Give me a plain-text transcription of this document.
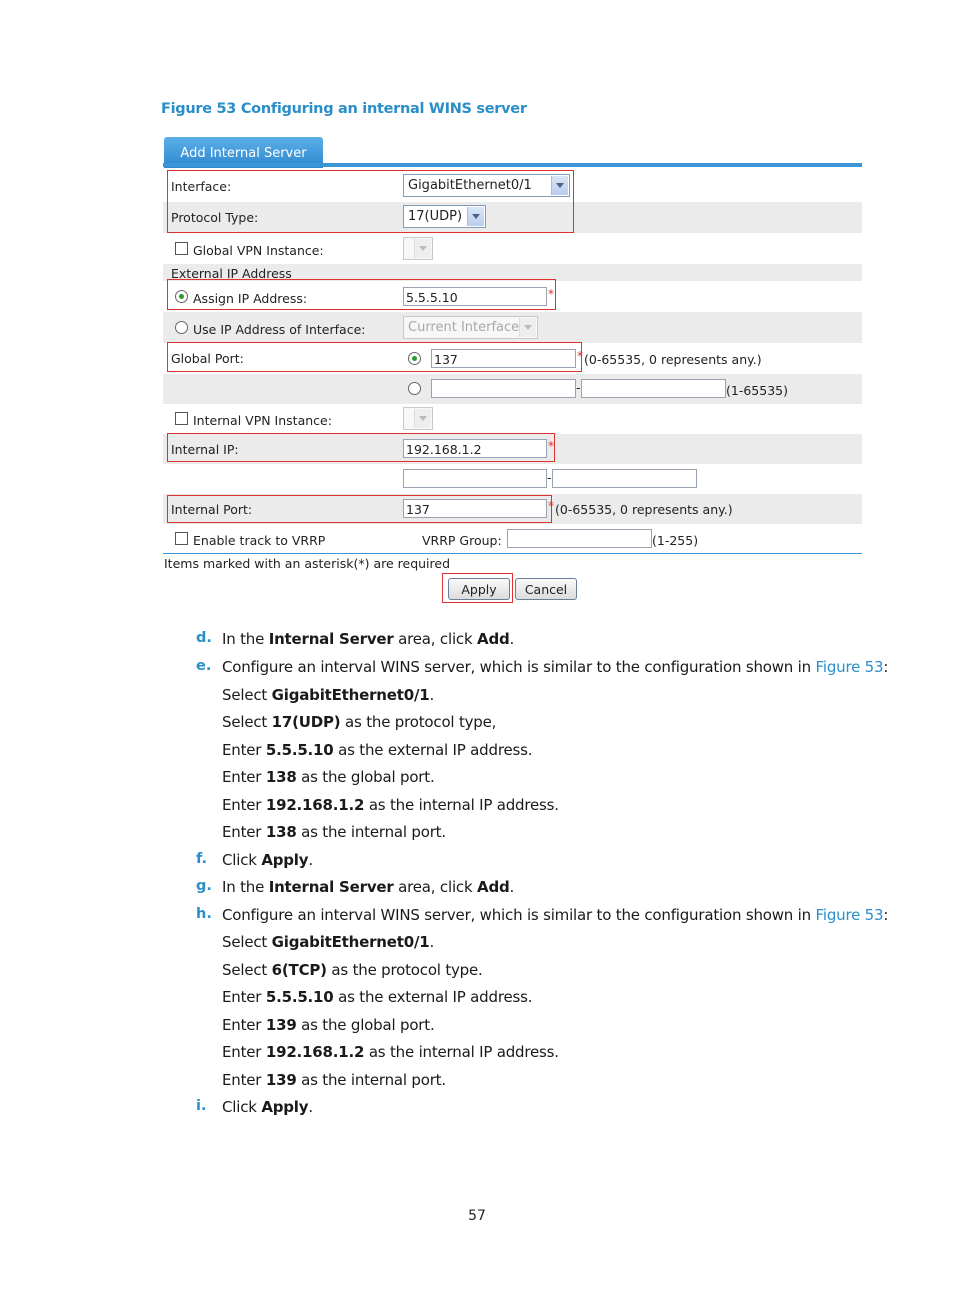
Figure 53 Configuring an internal WINS server
Add Internal Server
Interface:	GigabitEthernet0/1
Protocol Type:	17(UDP)
Global VPN Instance:
External IP Address
Assign IP Address:	5.5.5.10	*
Use IP Address of Interface:	Current Interface
Global Port:	137	* (0-65535, 0 represents any.)
-	(1-65535)
Internal VPN Instance:
Internal IP:	192.168.1.2	*
-
Internal Port:	137	* (0-65535, 0 represents any.)
Enable track to VRRP	VRRP Group:	(1-255)
Items marked with an asterisk(*) are required
Apply	Cancel
d. In the Internal Server area, click Add.
e. Configure an interval WINS server, which is similar to the configuration shown in Figure 53:
Select GigabitEthernet0/1.
Select 17(UDP) as the protocol type,
Enter 5.5.5.10 as the external IP address.
Enter 138 as the global port.
Enter 192.168.1.2 as the internal IP address.
Enter 138 as the internal port.
f. Click Apply.
g. In the Internal Server area, click Add.
h. Configure an interval WINS server, which is similar to the configuration shown in Figure 53:
Select GigabitEthernet0/1.
Select 6(TCP) as the protocol type.
Enter 5.5.5.10 as the external IP address.
Enter 139 as the global port.
Enter 192.168.1.2 as the internal IP address.
Enter 139 as the internal port.
i. Click Apply.
57
